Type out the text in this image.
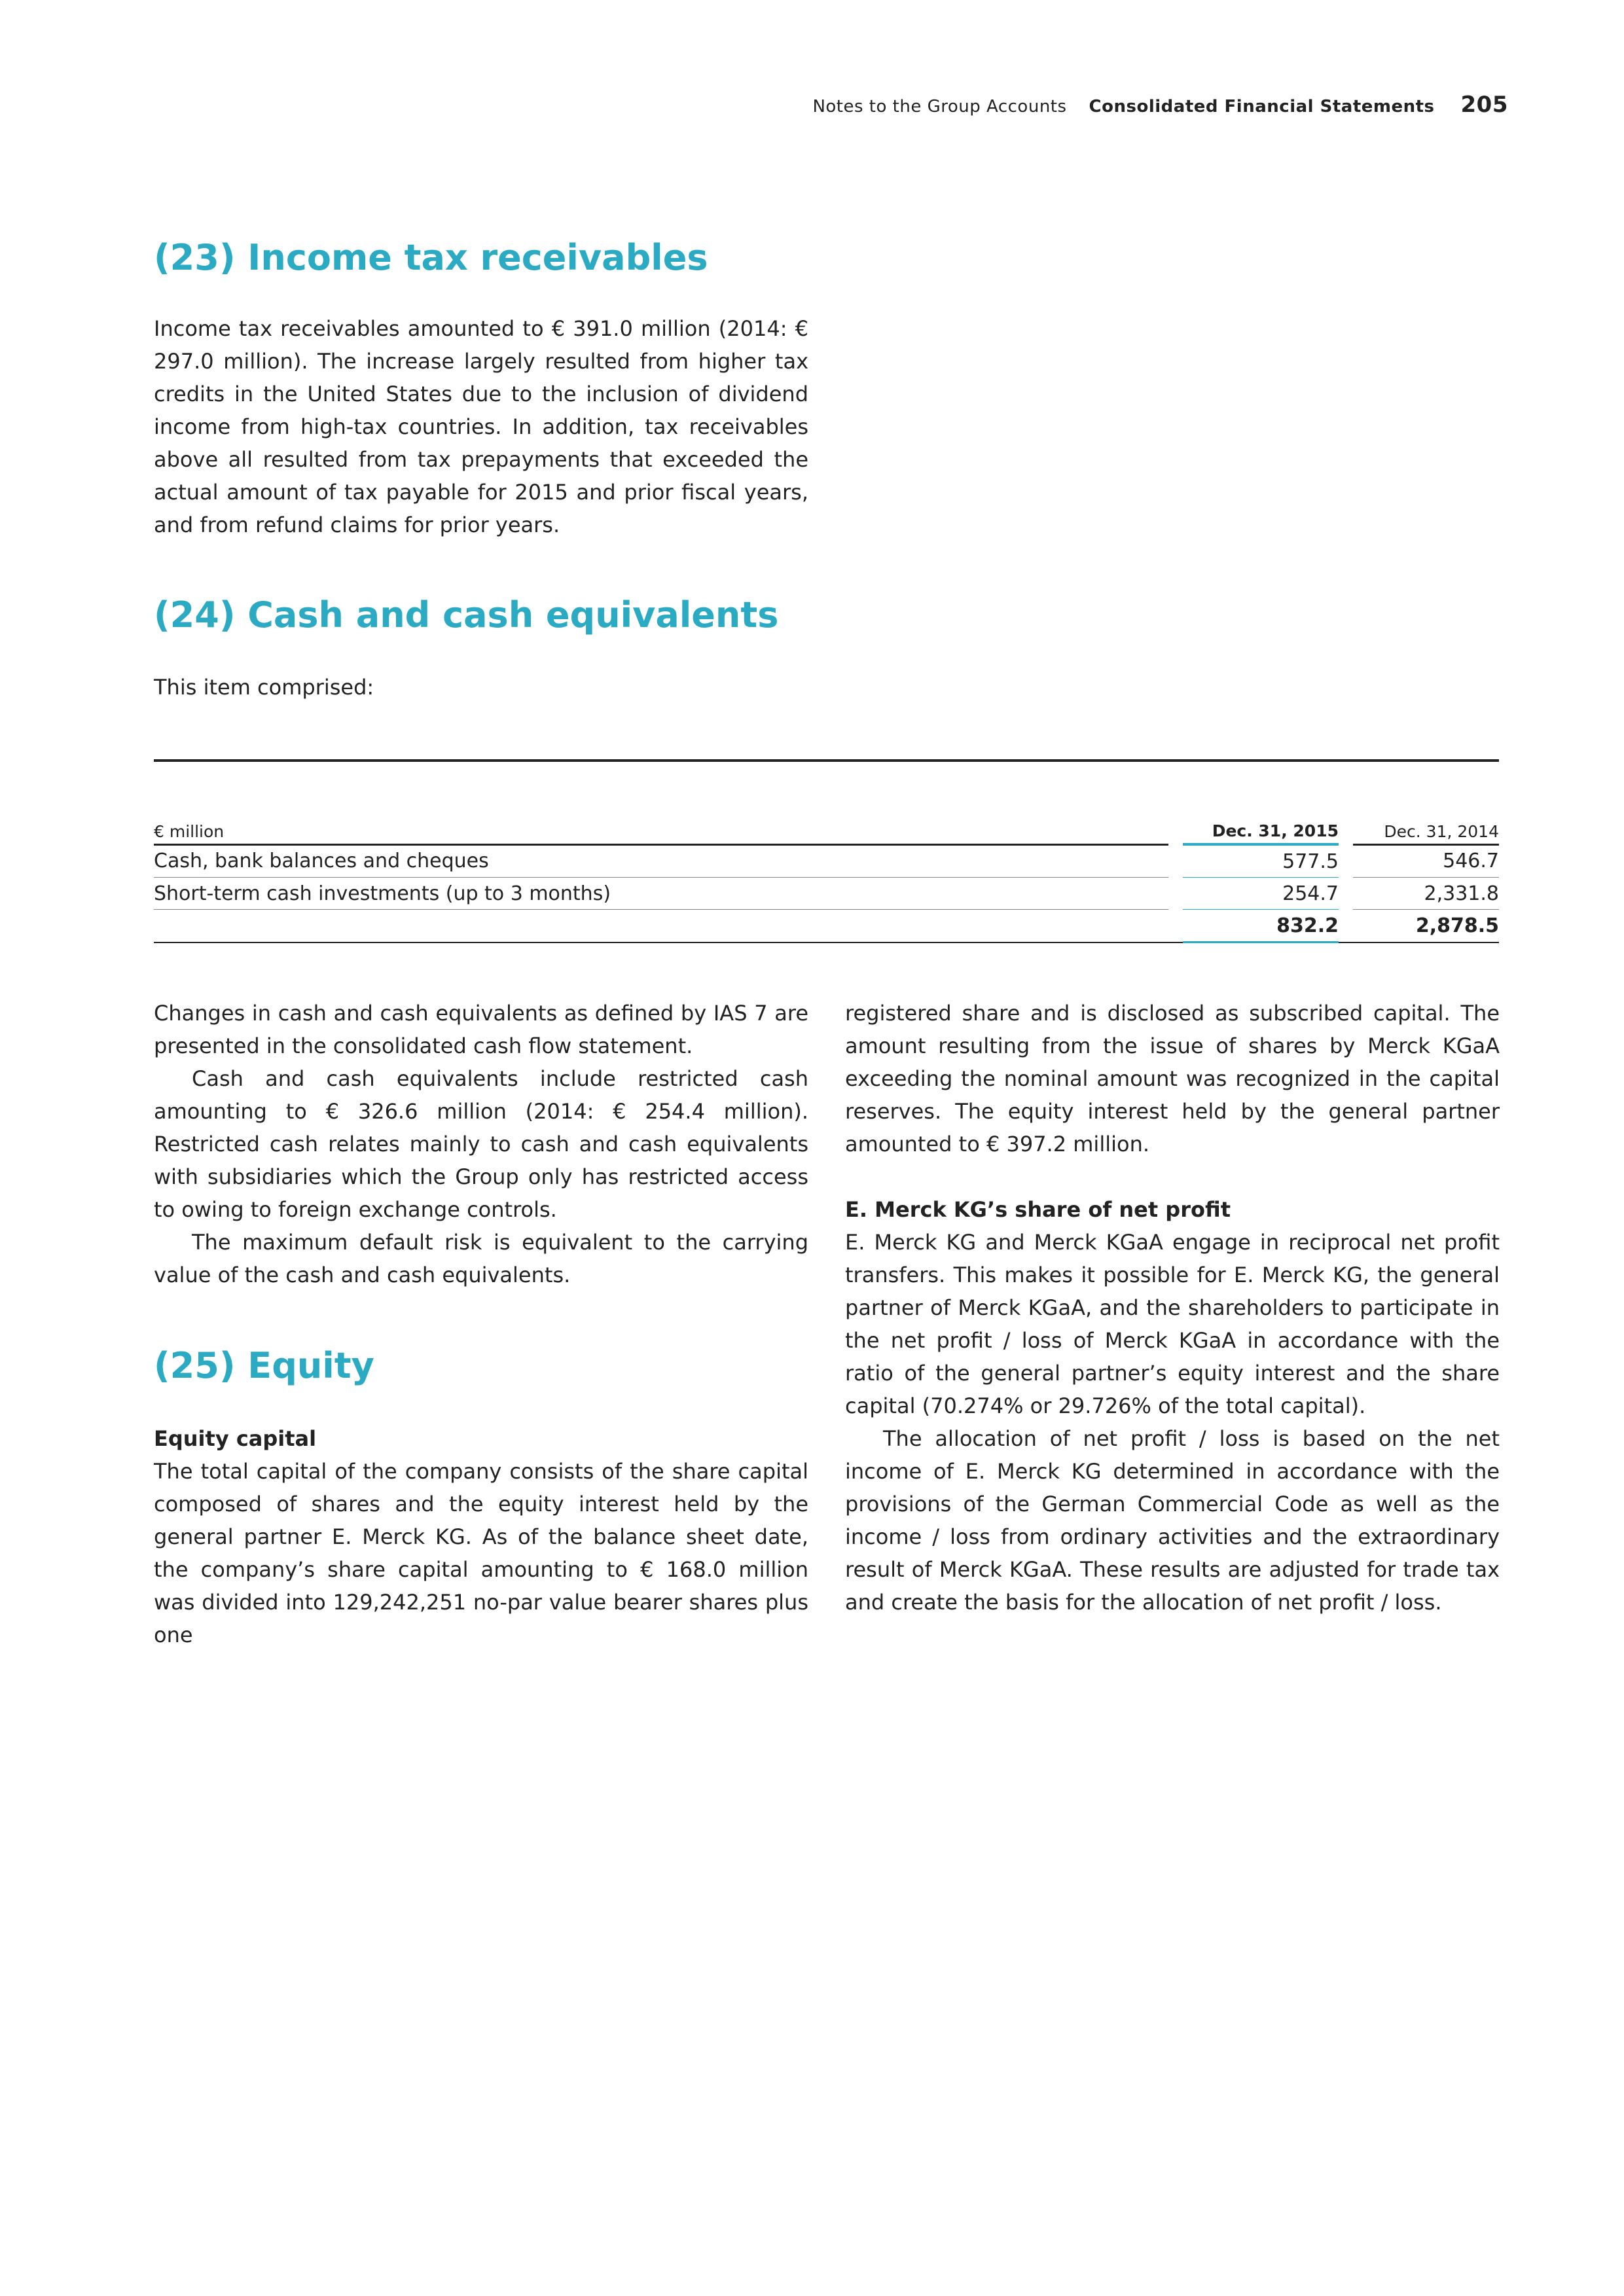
Notes to the Group Accounts Consolidated Financial Statements 205
(23) Income tax receivables

Income tax receivables amounted to € 391.0 million (2014: € 297.0 million). The increase largely resulted from higher tax credits in the United States due to the inclusion of dividend income from high-tax countries. In addition, tax receivables above all resulted from tax prepayments that exceeded the actual amount of tax payable for 2015 and prior fiscal years, and from refund claims for prior years.

(24) Cash and cash equivalents

This item comprised:

€ million		Dec. 31, 2015		Dec. 31, 2014
Cash, bank balances and cheques		577.5		546.7
Short-term cash investments (up to 3 months)		254.7		2,331.8
		832.2		2,878.5

Changes in cash and cash equivalents as defined by IAS 7 are presented in the consolidated cash flow statement.

Cash and cash equivalents include restricted cash amounting to € 326.6 million (2014: € 254.4 million). Restricted cash relates mainly to cash and cash equivalents with subsidiaries which the Group only has restricted access to owing to foreign exchange controls.

The maximum default risk is equivalent to the carrying value of the cash and cash equivalents.

(25) Equity

Equity capital

The total capital of the company consists of the share capital composed of shares and the equity interest held by the general partner E. Merck KG. As of the balance sheet date, the company’s share capital amounting to € 168.0 million was divided into 129,242,251 no-par value bearer shares plus one

registered share and is disclosed as subscribed capital. The amount resulting from the issue of shares by Merck KGaA exceeding the nominal amount was recognized in the capital reserves. The equity interest held by the general partner amounted to € 397.2 million.

E. Merck KG’s share of net profit

E. Merck KG and Merck KGaA engage in reciprocal net profit transfers. This makes it possible for E. Merck KG, the general partner of Merck KGaA, and the shareholders to participate in the net profit / loss of Merck KGaA in accordance with the ratio of the general partner’s equity interest and the share capital (70.274% or 29.726% of the total capital).

The allocation of net profit / loss is based on the net income of E. Merck KG determined in accordance with the provisions of the German Commercial Code as well as the income / loss from ordinary activities and the extraordinary result of Merck KGaA. These results are adjusted for trade tax and create the basis for the allocation of net profit / loss.
